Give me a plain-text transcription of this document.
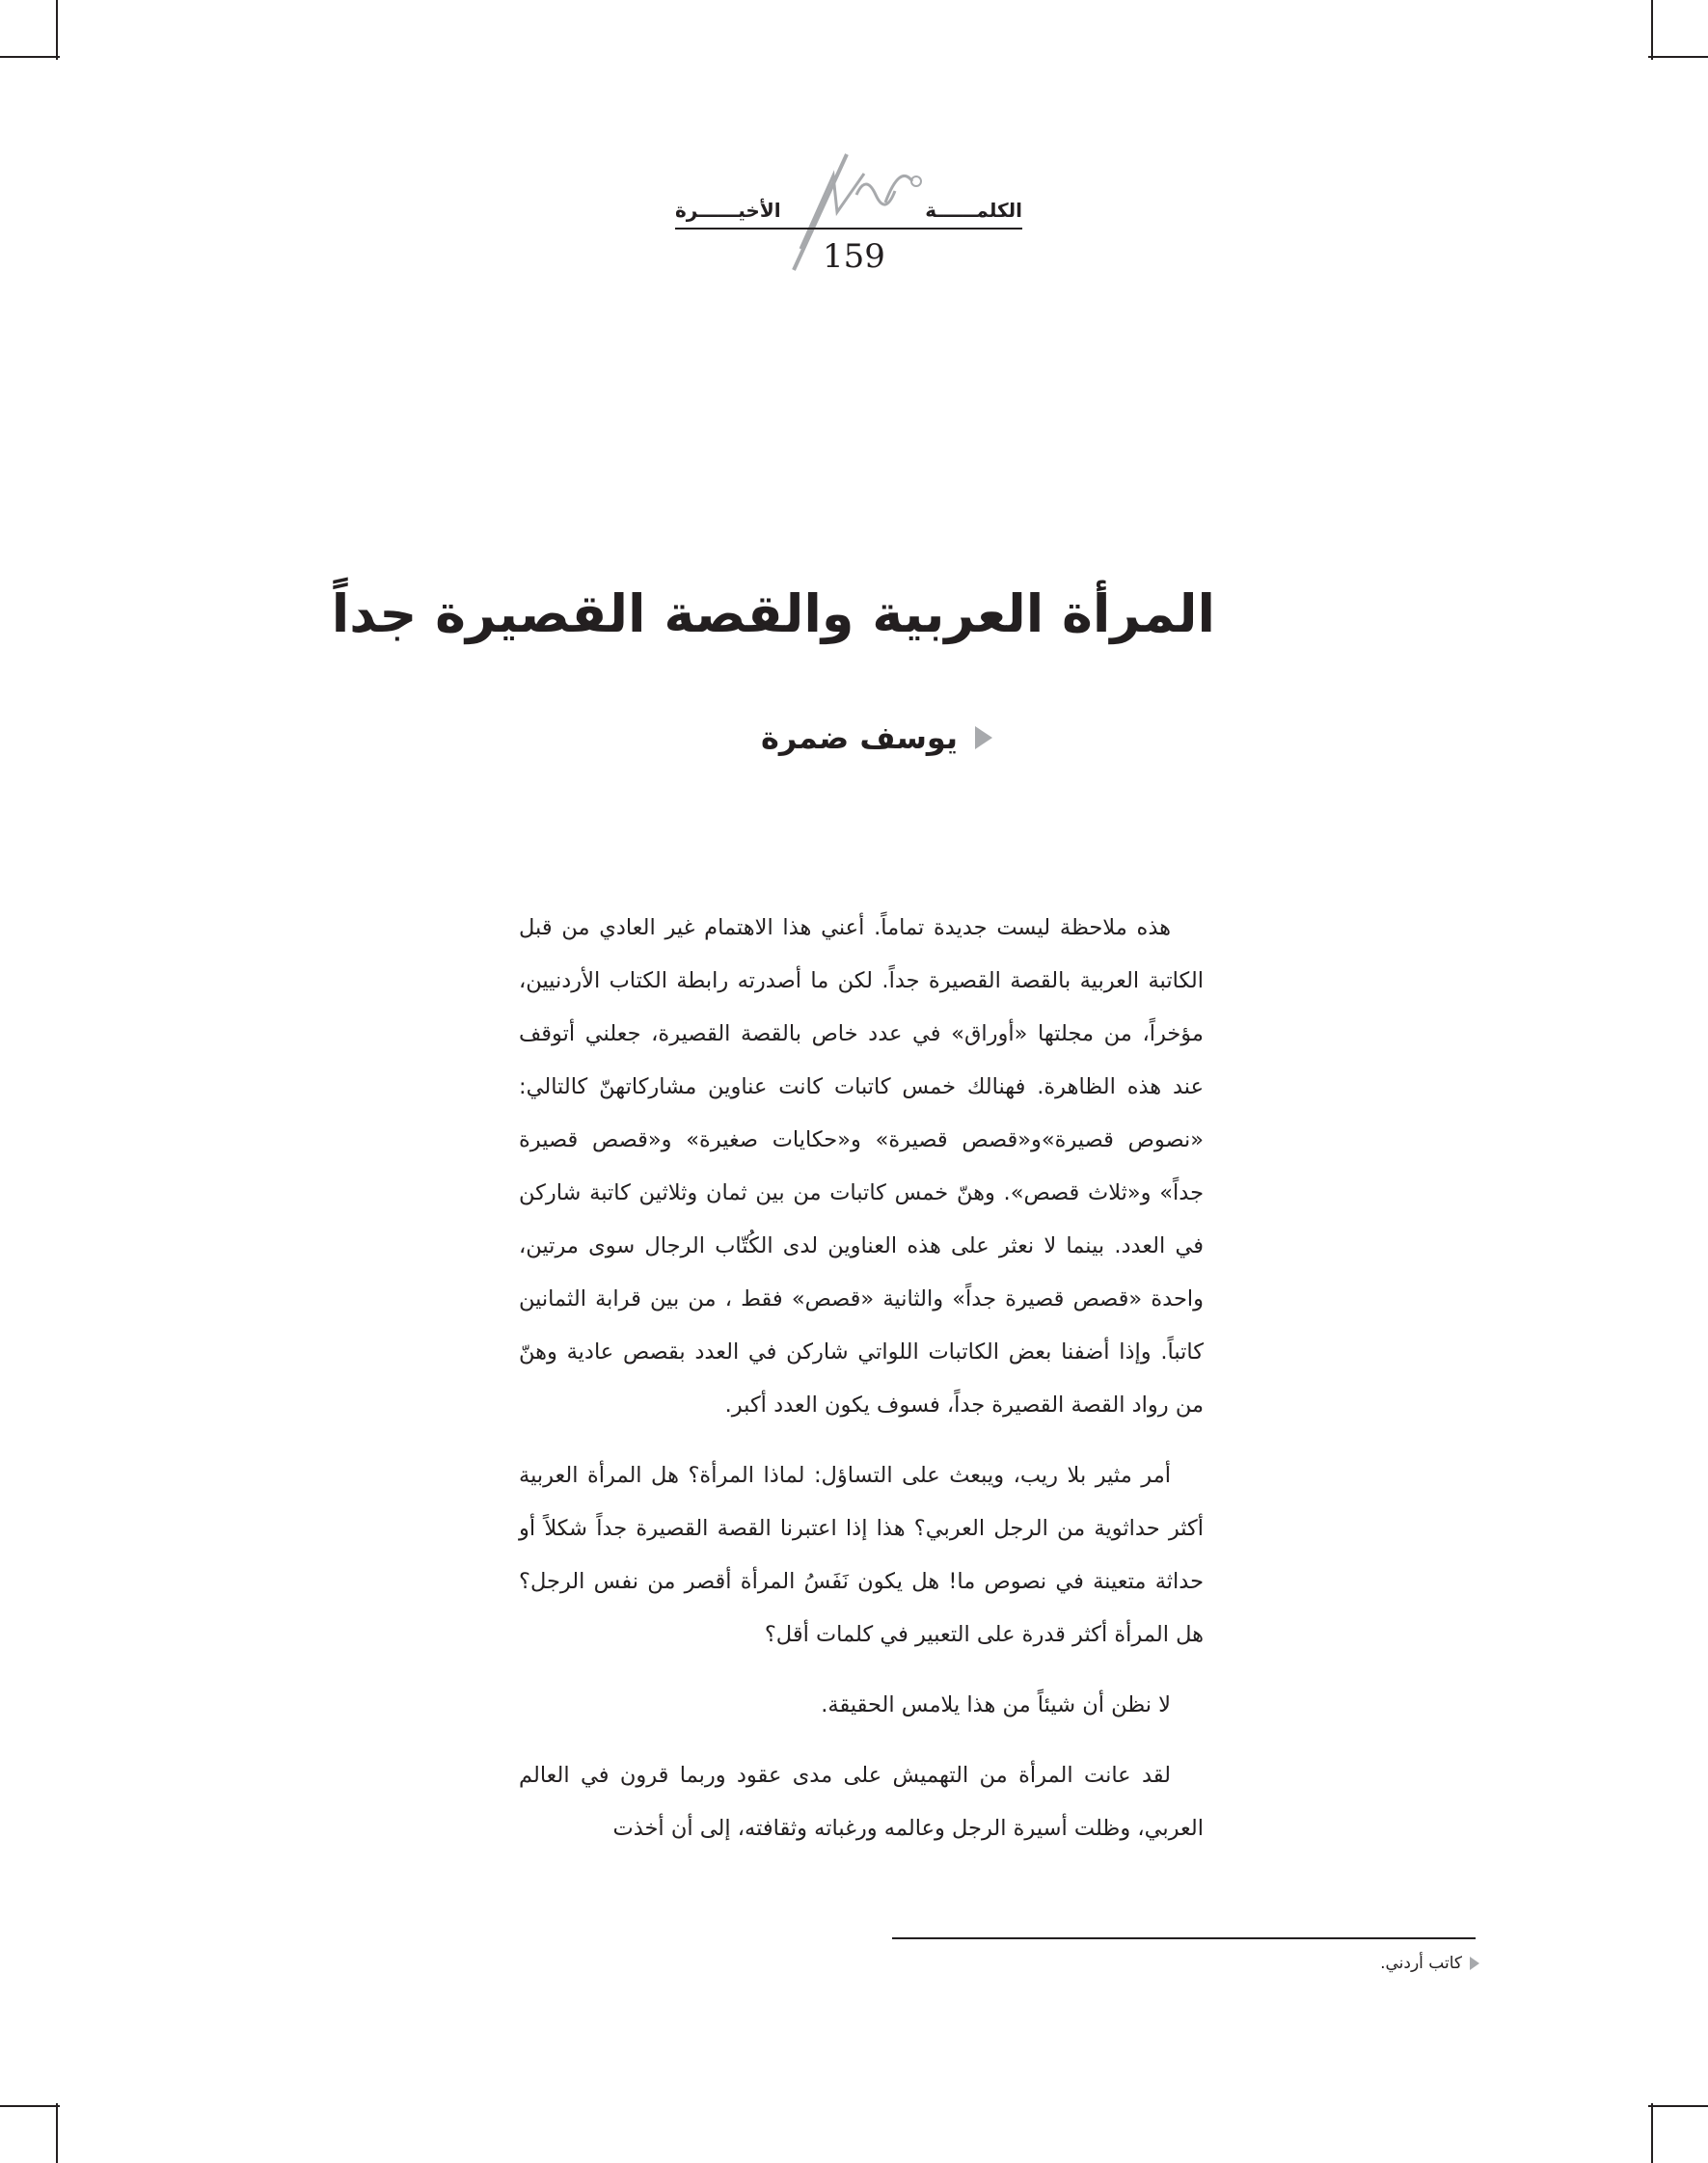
الكلمــــــة
الأخيــــــرة
159
المرأة العربية والقصة القصيرة جداً
يوسف ضمرة

هذه ملاحظة ليست جديدة تماماً. أعني هذا الاهتمام غير العادي من قبل الكاتبة العربية بالقصة القصيرة جداً. لكن ما أصدرته رابطة الكتاب الأردنيين، مؤخراً، من مجلتها «أوراق» في عدد خاص بالقصة القصيرة، جعلني أتوقف عند هذه الظاهرة. فهنالك خمس كاتبات كانت عناوين مشاركاتهنّ كالتالي: «نصوص قصيرة»و«قصص قصيرة» و«حكايات صغيرة» و«قصص قصيرة جداً» و«ثلاث قصص». وهنّ خمس كاتبات من بين ثمان وثلاثين كاتبة شاركن في العدد. بينما لا نعثر على هذه العناوين لدى الكُتّاب الرجال سوى مرتين، واحدة «قصص قصيرة جداً» والثانية «قصص» فقط ، من بين قرابة الثمانين كاتباً. وإذا أضفنا بعض الكاتبات اللواتي شاركن في العدد بقصص عادية وهنّ من رواد القصة القصيرة جداً، فسوف يكون العدد أكبر.

أمر مثير بلا ريب، ويبعث على التساؤل: لماذا المرأة؟ هل المرأة العربية أكثر حداثوية من الرجل العربي؟ هذا إذا اعتبرنا القصة القصيرة جداً شكلاً أو حداثة متعينة في نصوص ما! هل يكون نَفَسُ المرأة أقصر من نفس الرجل؟ هل المرأة أكثر قدرة على التعبير في كلمات أقل؟

لا نظن أن شيئاً من هذا يلامس الحقيقة.

لقد عانت المرأة من التهميش على مدى عقود وربما قرون في العالم العربي، وظلت أسيرة الرجل وعالمه ورغباته وثقافته، إلى أن أخذت

كاتب أردني.
